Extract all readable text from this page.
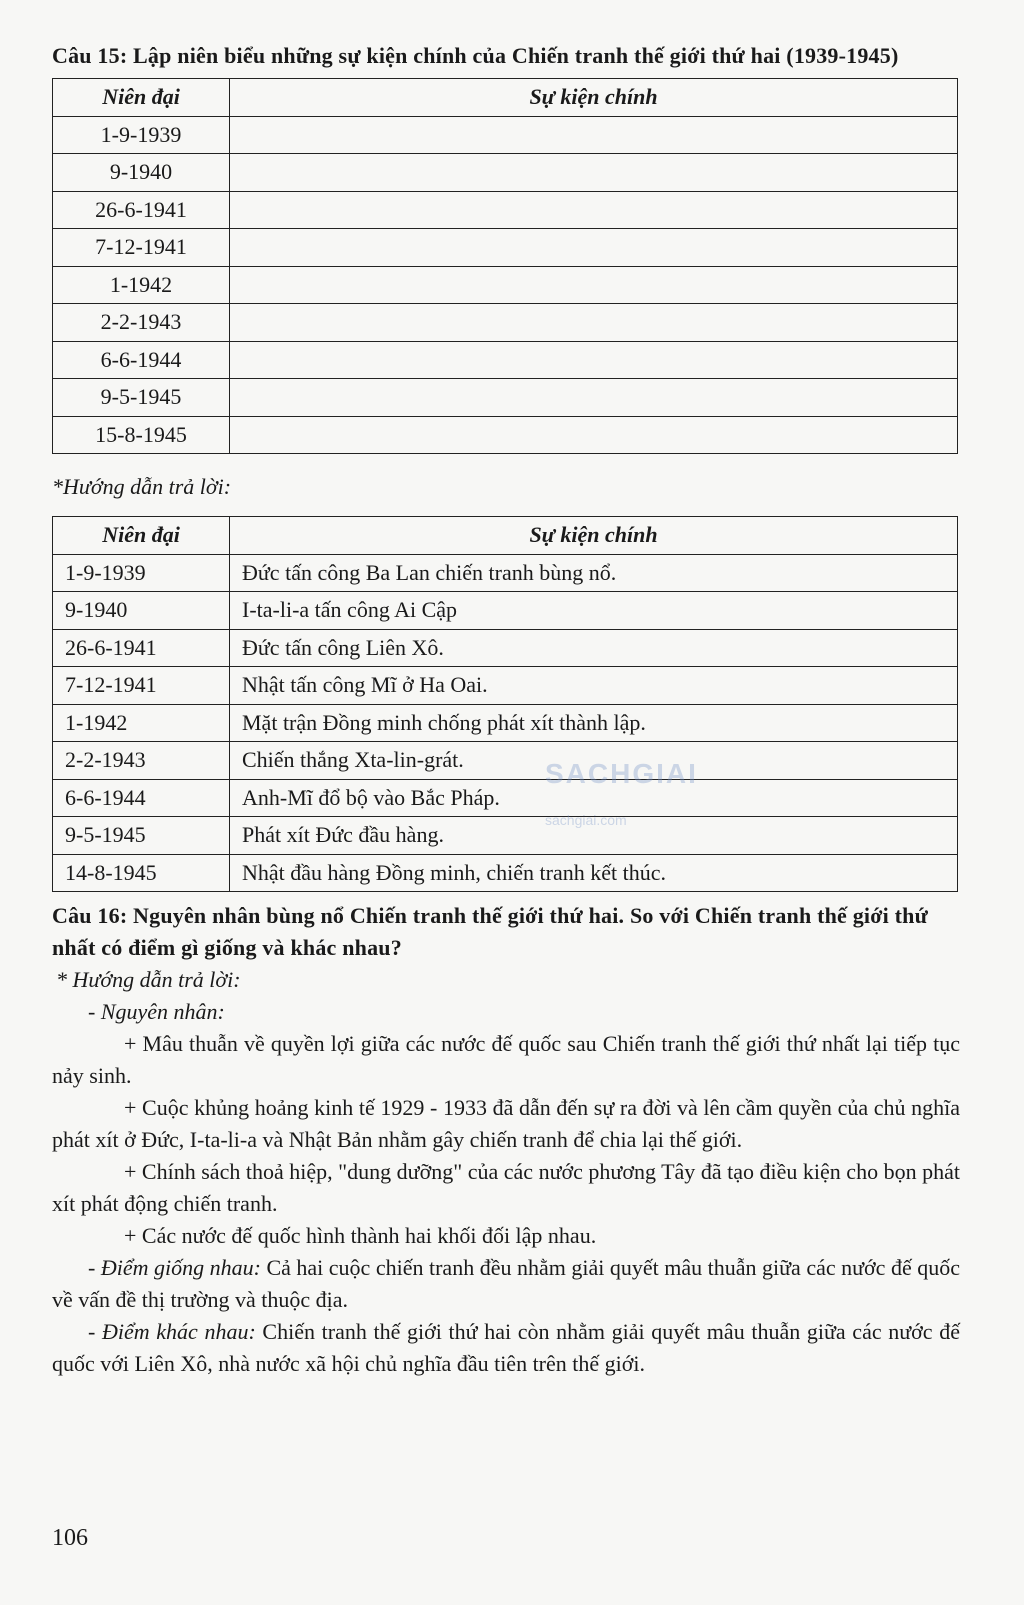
Câu 15: Lập niên biểu những sự kiện chính của Chiến tranh thế giới thứ hai (1939-1945)

Niên đại	Sự kiện chính
1-9-1939	
9-1940	
26-6-1941	
7-12-1941	
1-1942	
2-2-1943	
6-6-1944	
9-5-1945	
15-8-1945	

*Hướng dẫn trả lời:

Niên đại	Sự kiện chính
1-9-1939	Đức tấn công Ba Lan chiến tranh bùng nổ.
9-1940	I-ta-li-a tấn công Ai Cập
26-6-1941	Đức tấn công Liên Xô.
7-12-1941	Nhật tấn công Mĩ ở Ha Oai.
1-1942	Mặt trận Đồng minh chống phát xít thành lập.
2-2-1943	Chiến thắng Xta-lin-grát.
6-6-1944	Anh-Mĩ đổ bộ vào Bắc Pháp.
9-5-1945	Phát xít Đức đầu hàng.
14-8-1945	Nhật đầu hàng Đồng minh, chiến tranh kết thúc.

Câu 16: Nguyên nhân bùng nổ Chiến tranh thế giới thứ hai. So với Chiến tranh thế giới thứ nhất có điểm gì giống và khác nhau?

* Hướng dẫn trả lời:

- Nguyên nhân:

+ Mâu thuẫn về quyền lợi giữa các nước đế quốc sau Chiến tranh thế giới thứ nhất lại tiếp tục nảy sinh.

+ Cuộc khủng hoảng kinh tế 1929 - 1933 đã dẫn đến sự ra đời và lên cầm quyền của chủ nghĩa phát xít ở Đức, I-ta-li-a và Nhật Bản nhằm gây chiến tranh để chia lại thế giới.

+ Chính sách thoả hiệp, "dung dưỡng" của các nước phương Tây đã tạo điều kiện cho bọn phát xít phát động chiến tranh.

+ Các nước đế quốc hình thành hai khối đối lập nhau.

- Điểm giống nhau: Cả hai cuộc chiến tranh đều nhằm giải quyết mâu thuẫn giữa các nước đế quốc về vấn đề thị trường và thuộc địa.

- Điểm khác nhau: Chiến tranh thế giới thứ hai còn nhằm giải quyết mâu thuẫn giữa các nước đế quốc với Liên Xô, nhà nước xã hội chủ nghĩa đầu tiên trên thế giới.

SACHGIAI
sachgiai.com
106
